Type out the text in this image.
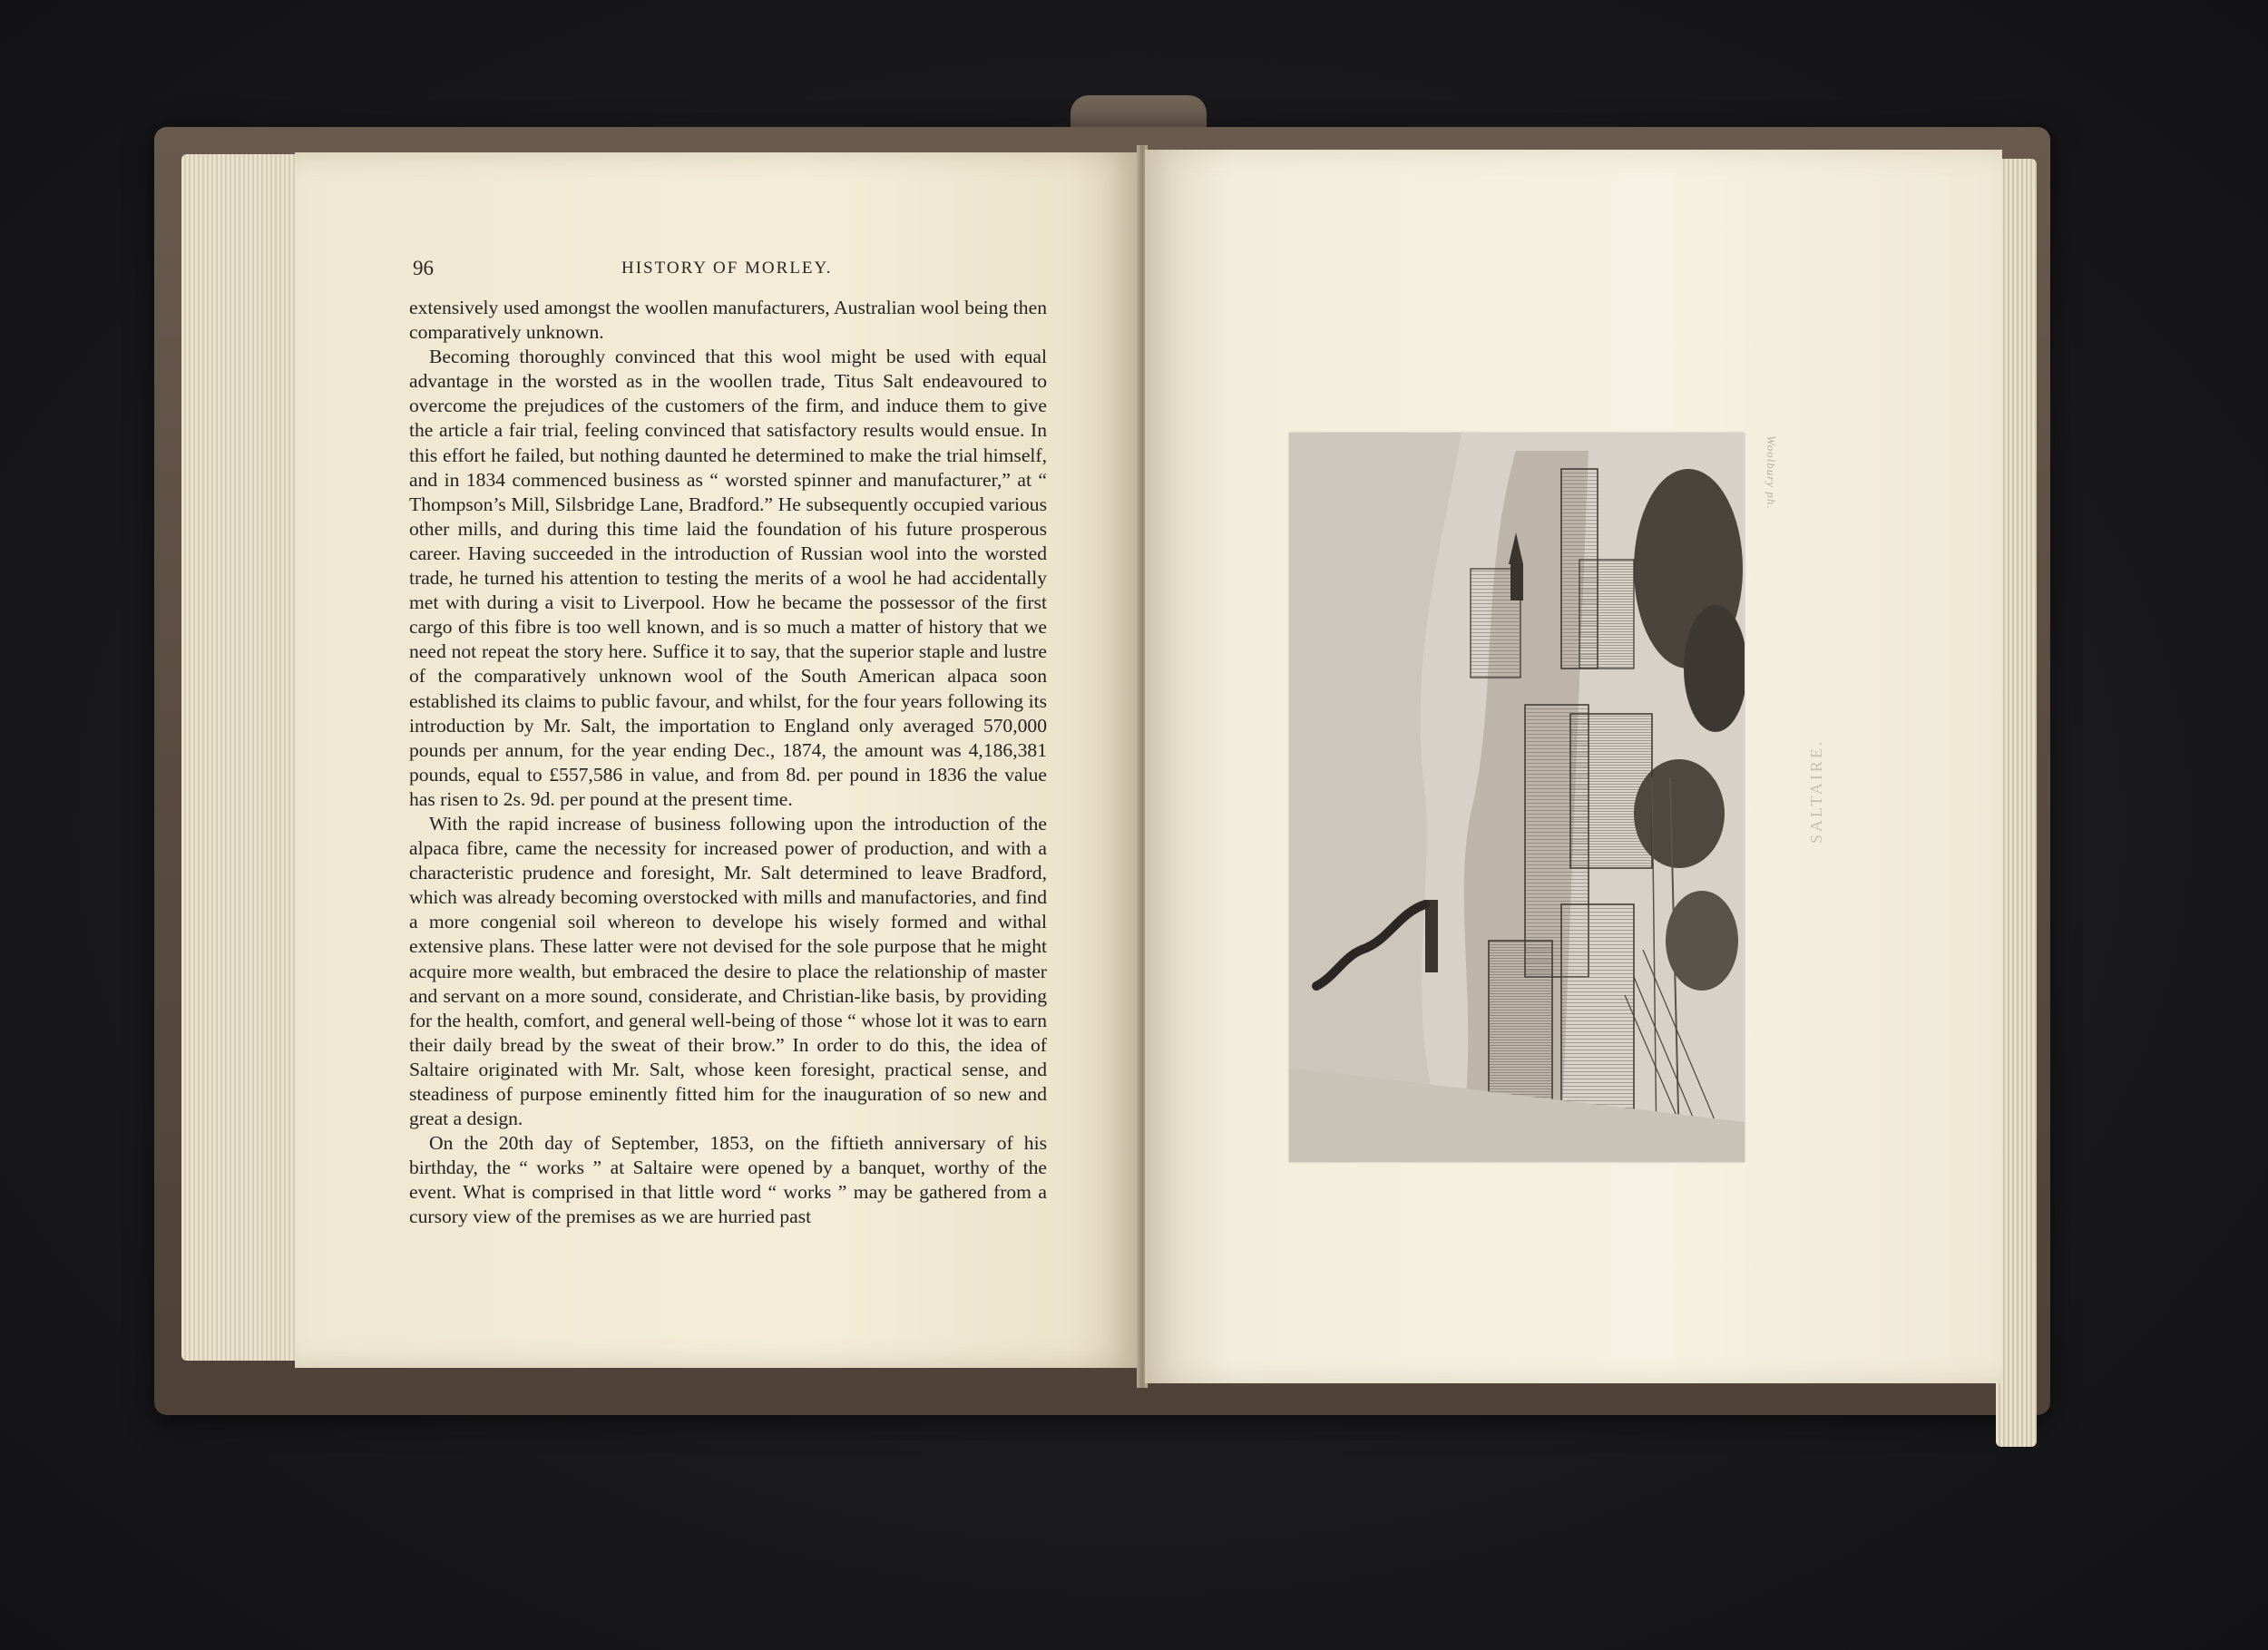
96	HISTORY OF MORLEY.

extensively used amongst the woollen manufacturers, Australian wool being then comparatively unknown.

Becoming thoroughly convinced that this wool might be used with equal advantage in the worsted as in the woollen trade, Titus Salt endeavoured to overcome the prejudices of the customers of the firm, and induce them to give the article a fair trial, feeling convinced that satisfactory results would ensue. In this effort he failed, but nothing daunted he determined to make the trial himself, and in 1834 commenced business as “ worsted spinner and manufacturer,” at “ Thompson’s Mill, Silsbridge Lane, Bradford.” He subsequently occupied various other mills, and during this time laid the foundation of his future prosperous career. Having succeeded in the introduction of Russian wool into the worsted trade, he turned his attention to testing the merits of a wool he had accidentally met with during a visit to Liverpool. How he became the possessor of the first cargo of this fibre is too well known, and is so much a matter of history that we need not repeat the story here. Suffice it to say, that the superior staple and lustre of the comparatively unknown wool of the South American alpaca soon established its claims to public favour, and whilst, for the four years following its introduction by Mr. Salt, the importation to England only averaged 570,000 pounds per annum, for the year ending Dec., 1874, the amount was 4,186,381 pounds, equal to £557,586 in value, and from 8d. per pound in 1836 the value has risen to 2s. 9d. per pound at the present time.

With the rapid increase of business following upon the introduction of the alpaca fibre, came the necessity for increased power of production, and with a characteristic prudence and foresight, Mr. Salt determined to leave Bradford, which was already becoming overstocked with mills and manufactories, and find a more congenial soil whereon to develope his wisely formed and withal extensive plans. These latter were not devised for the sole purpose that he might acquire more wealth, but embraced the desire to place the relationship of master and servant on a more sound, considerate, and Christian-like basis, by providing for the health, comfort, and general well-being of those “ whose lot it was to earn their daily bread by the sweat of their brow.” In order to do this, the idea of Saltaire originated with Mr. Salt, whose keen foresight, practical sense, and steadiness of purpose eminently fitted him for the inauguration of so new and great a design.

On the 20th day of September, 1853, on the fiftieth anniversary of his birthday, the “ works ” at Saltaire were opened by a banquet, worthy of the event. What is comprised in that little word “ works ” may be gathered from a cursory view of the premises as we are hurried past

Woolbury ph.
SALTAIRE.
